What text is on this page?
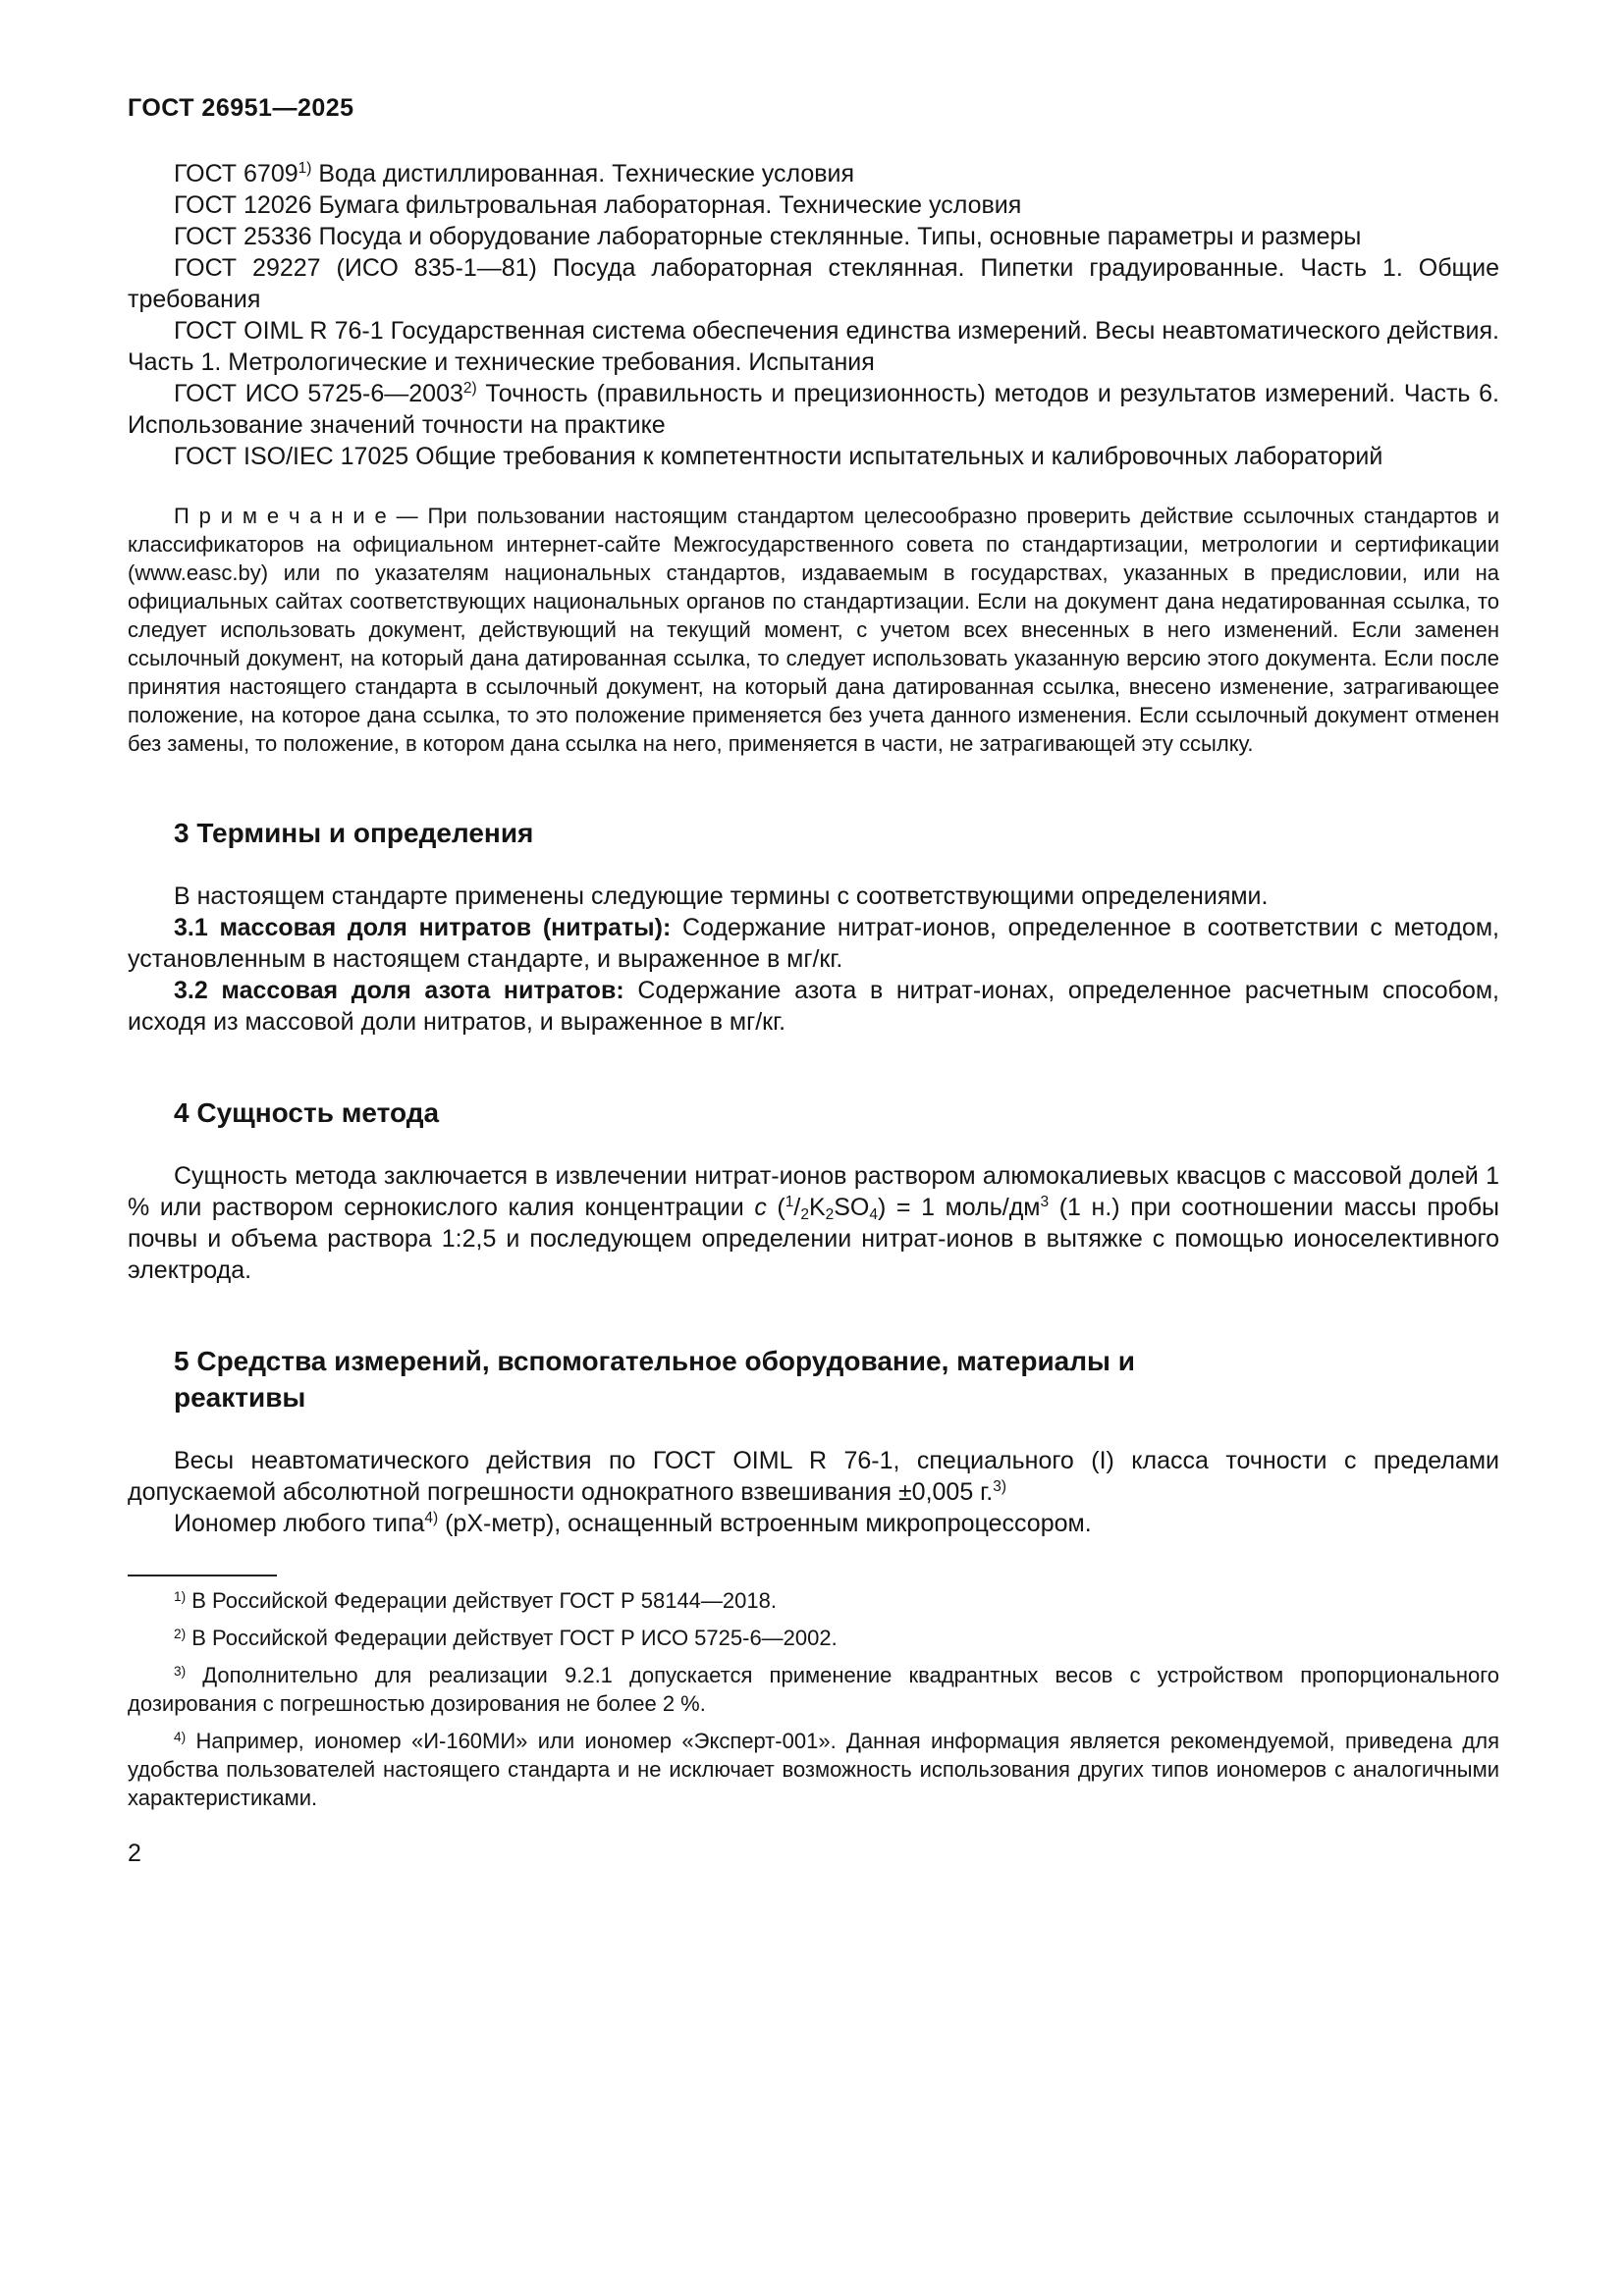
ГОСТ 26951—2025

ГОСТ 6709$^{1)}$ Вода дистиллированная. Технические условия

ГОСТ 12026 Бумага фильтровальная лабораторная. Технические условия

ГОСТ 25336 Посуда и оборудование лабораторные стеклянные. Типы, основные параметры и размеры

ГОСТ 29227 (ИСО 835-1—81) Посуда лабораторная стеклянная. Пипетки градуированные. Часть 1. Общие требования

ГОСТ OIML R 76-1 Государственная система обеспечения единства измерений. Весы неавтоматического действия. Часть 1. Метрологические и технические требования. Испытания

ГОСТ ИСО 5725-6—2003$^{2)}$ Точность (правильность и прецизионность) методов и результатов измерений. Часть 6. Использование значений точности на практике

ГОСТ ISO/IEC 17025 Общие требования к компетентности испытательных и калибровочных лабораторий

П р и м е ч а н и е — При пользовании настоящим стандартом целесообразно проверить действие ссылочных стандартов и классификаторов на официальном интернет-сайте Межгосударственного совета по стандартизации, метрологии и сертификации (www.easc.by) или по указателям национальных стандартов, издаваемым в государствах, указанных в предисловии, или на официальных сайтах соответствующих национальных органов по стандартизации. Если на документ дана недатированная ссылка, то следует использовать документ, действующий на текущий момент, с учетом всех внесенных в него изменений. Если заменен ссылочный документ, на который дана датированная ссылка, то следует использовать указанную версию этого документа. Если после принятия настоящего стандарта в ссылочный документ, на который дана датированная ссылка, внесено изменение, затрагивающее положение, на которое дана ссылка, то это положение применяется без учета данного изменения. Если ссылочный документ отменен без замены, то положение, в котором дана ссылка на него, применяется в части, не затрагивающей эту ссылку.

3 Термины и определения

В настоящем стандарте применены следующие термины с соответствующими определениями.

3.1 массовая доля нитратов (нитраты): Содержание нитрат-ионов, определенное в соответствии с методом, установленным в настоящем стандарте, и выраженное в мг/кг.

3.2 массовая доля азота нитратов: Содержание азота в нитрат-ионах, определенное расчетным способом, исходя из массовой доли нитратов, и выраженное в мг/кг.

4 Сущность метода

Сущность метода заключается в извлечении нитрат-ионов раствором алюмокалиевых квасцов с массовой долей 1 % или раствором сернокислого калия концентрации c $(^1/_2K_2SO_4) = 1$ моль/$дм^3$ (1 н.) при соотношении массы пробы почвы и объема раствора 1:2,5 и последующем определении нитрат-ионов в вытяжке с помощью ионоселективного электрода.

5 Средства измерений, вспомогательное оборудование, материалы и реактивы

Весы неавтоматического действия по ГОСТ OIML R 76-1, специального (I) класса точности с пределами допускаемой абсолютной погрешности однократного взвешивания ±0,005 г.$^{3)}$

Иономер любого типа$^{4)}$ (pX-метр), оснащенный встроенным микропроцессором.

$^{1)}$ В Российской Федерации действует ГОСТ Р 58144—2018.

$^{2)}$ В Российской Федерации действует ГОСТ Р ИСО 5725-6—2002.

$^{3)}$ Дополнительно для реализации 9.2.1 допускается применение квадрантных весов с устройством пропорционального дозирования с погрешностью дозирования не более 2 %.

$^{4)}$ Например, иономер «И-160МИ» или иономер «Эксперт-001». Данная информация является рекомендуемой, приведена для удобства пользователей настоящего стандарта и не исключает возможность использования других типов иономеров с аналогичными характеристиками.

2
